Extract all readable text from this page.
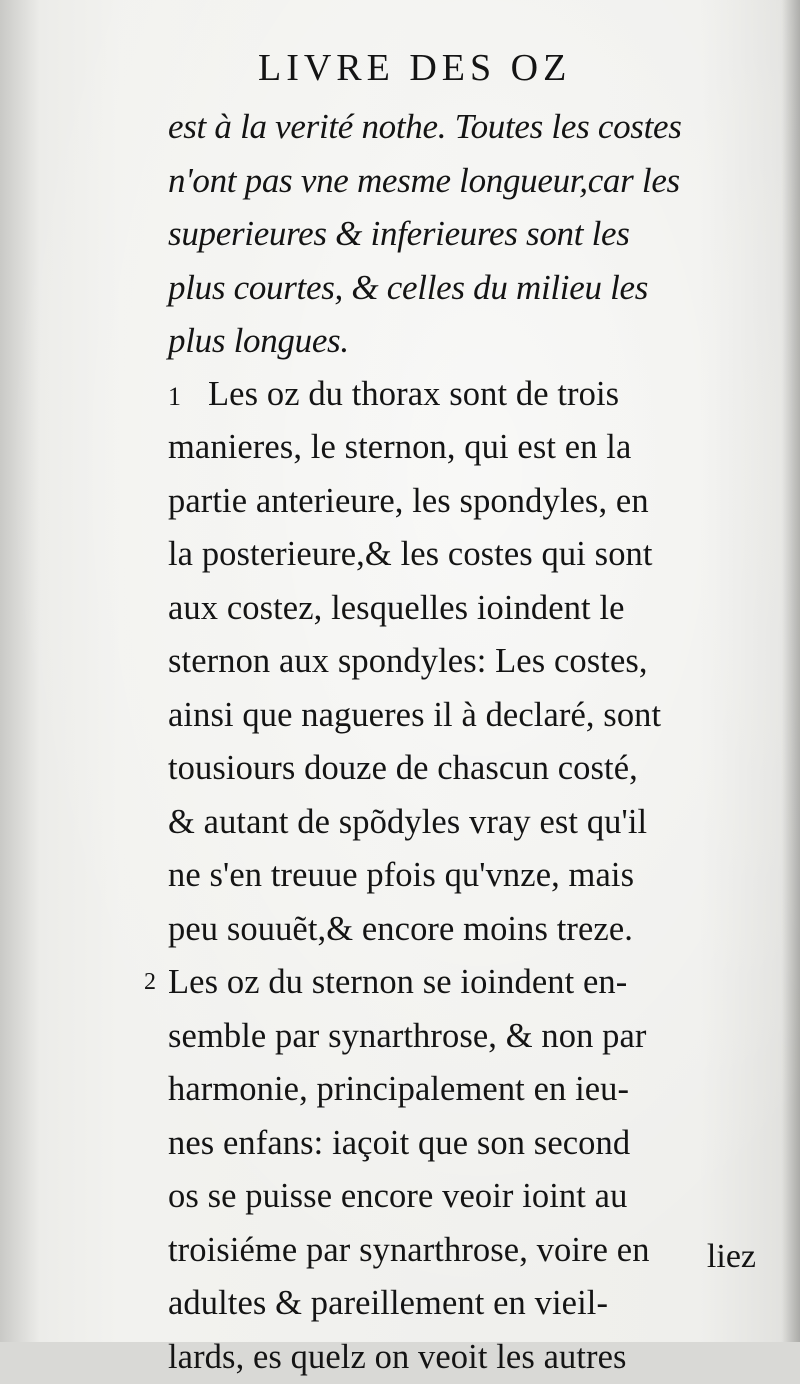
LIVRE DES OZ
est à la verité nothe. Toutes les costes
n'ont pas vne mesme longueur,car les
superieures & inferieures sont les
plus courtes, & celles du milieu les
plus longues.
1 Les oz du thorax sont de trois
manieres, le sternon, qui est en la
partie anterieure, les spondyles, en
la posterieure,& les costes qui sont
aux costez, lesquelles ioindent le
sternon aux spondyles: Les costes,
ainsi que nagueres il à declaré, sont
tousiours douze de chascun costé,
& autant de spõdyles vray est qu'il
ne s'en treuue pfois qu'vnze, mais
peu souuẽt,& encore moins treze.
2 Les oz du sternon se ioindent en-
semble par synarthrose, & non par
harmonie, principalement en ieu-
nes enfans: iaçoit que son second
os se puisse encore veoir ioint au
troisiéme par synarthrose, voire en
adultes & pareillement en vieil-
lards, es quelz on veoit les autres
liez
